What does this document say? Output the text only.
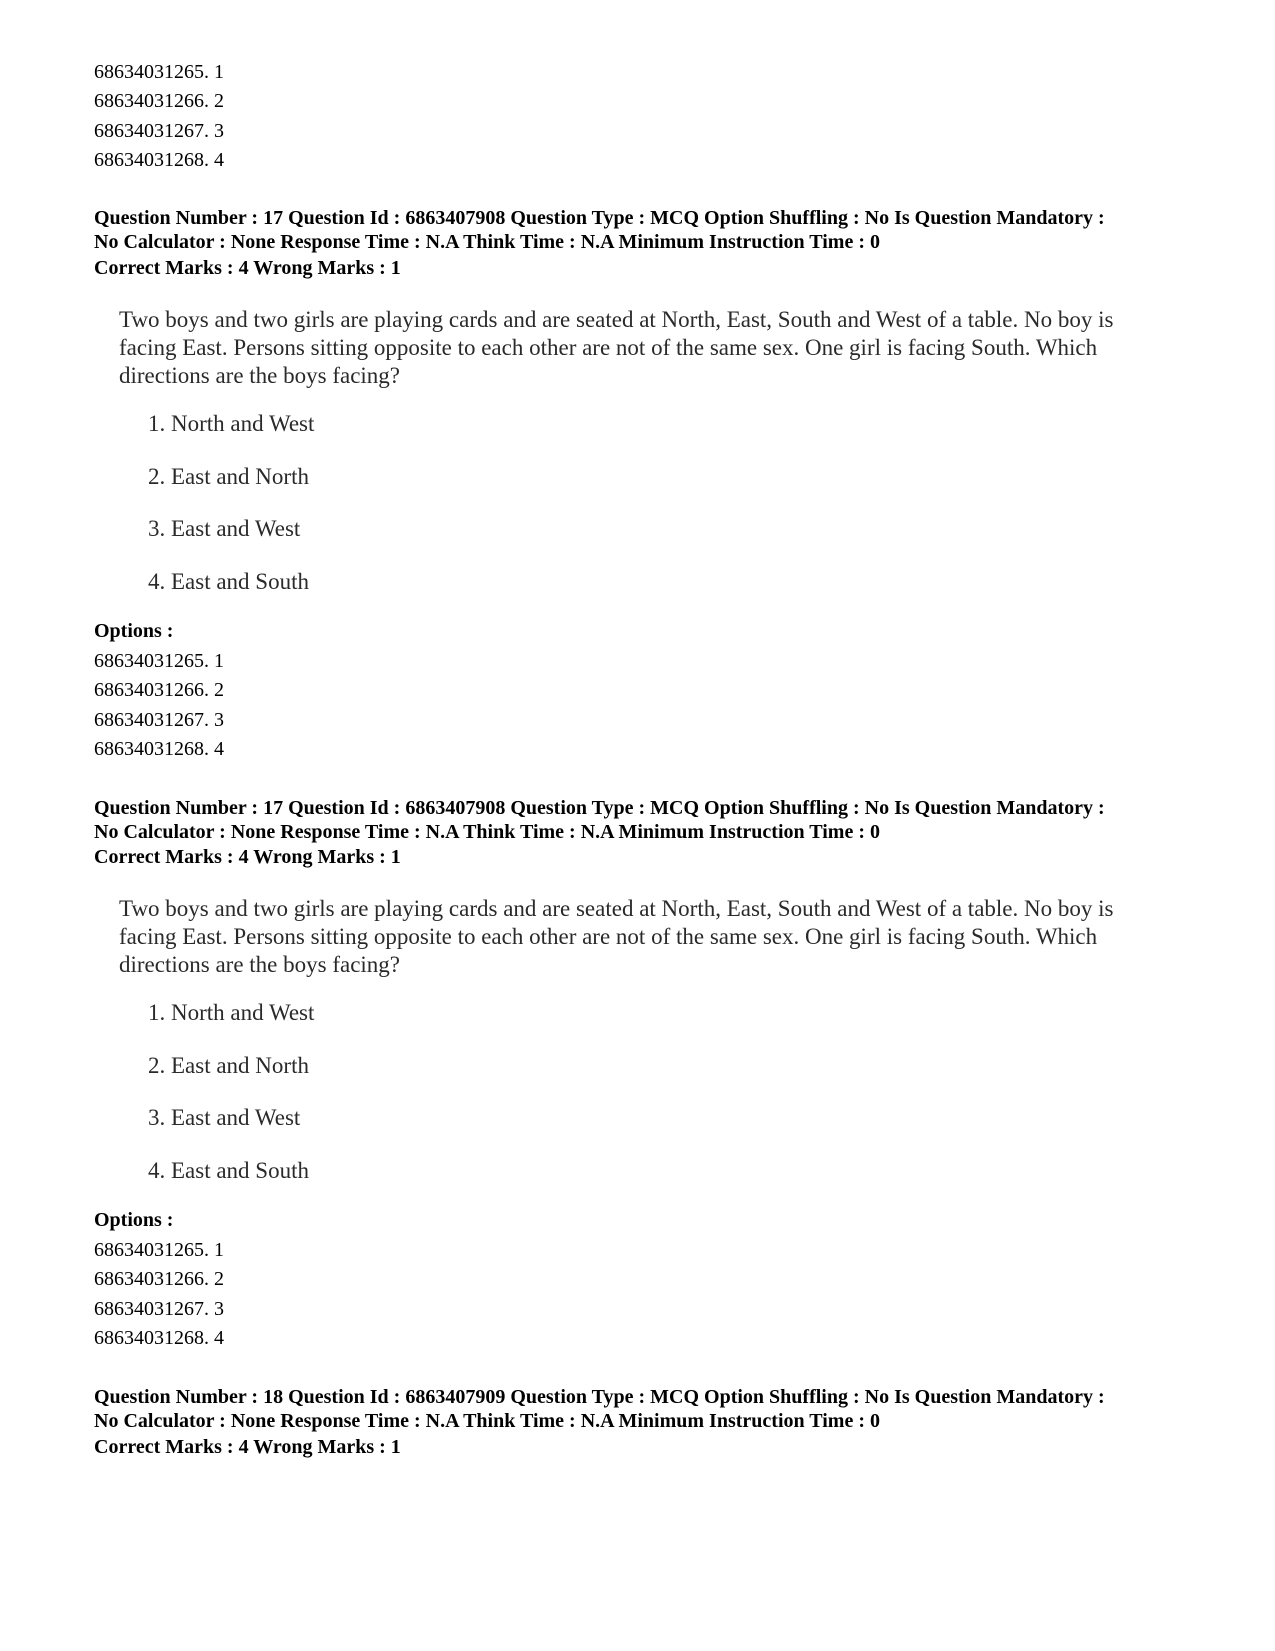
68634031265. 1
68634031266. 2
68634031267. 3
68634031268. 4
Question Number : 17 Question Id : 6863407908 Question Type : MCQ Option Shuffling : No Is Question Mandatory :
No Calculator : None Response Time : N.A Think Time : N.A Minimum Instruction Time : 0
Correct Marks : 4 Wrong Marks : 1
Two boys and two girls are playing cards and are seated at North, East, South and West of a table. No boy is facing East. Persons sitting opposite to each other are not of the same sex. One girl is facing South. Which directions are the boys facing?
1. North and West
2. East and North
3. East and West
4. East and South
Options :
68634031265. 1
68634031266. 2
68634031267. 3
68634031268. 4
Question Number : 17 Question Id : 6863407908 Question Type : MCQ Option Shuffling : No Is Question Mandatory :
No Calculator : None Response Time : N.A Think Time : N.A Minimum Instruction Time : 0
Correct Marks : 4 Wrong Marks : 1
Two boys and two girls are playing cards and are seated at North, East, South and West of a table. No boy is facing East. Persons sitting opposite to each other are not of the same sex. One girl is facing South. Which directions are the boys facing?
1. North and West
2. East and North
3. East and West
4. East and South
Options :
68634031265. 1
68634031266. 2
68634031267. 3
68634031268. 4
Question Number : 18 Question Id : 6863407909 Question Type : MCQ Option Shuffling : No Is Question Mandatory :
No Calculator : None Response Time : N.A Think Time : N.A Minimum Instruction Time : 0
Correct Marks : 4 Wrong Marks : 1
